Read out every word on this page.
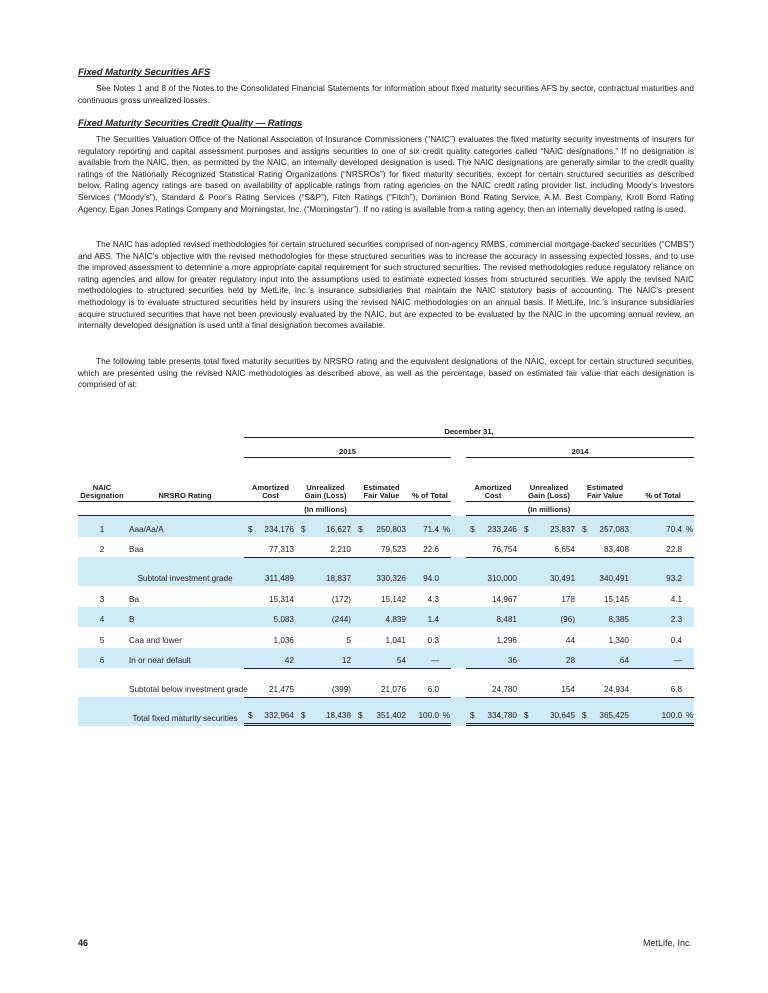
Fixed Maturity Securities AFS

See Notes 1 and 8 of the Notes to the Consolidated Financial Statements for information about fixed maturity securities AFS by sector, contractual maturities and continuous gross unrealized losses.

Fixed Maturity Securities Credit Quality — Ratings

The Securities Valuation Office of the National Association of Insurance Commissioners (“NAIC”) evaluates the fixed maturity security investments of insurers for regulatory reporting and capital assessment purposes and assigns securities to one of six credit quality categories called “NAIC designations.” If no designation is available from the NAIC, then, as permitted by the NAIC, an internally developed designation is used. The NAIC designations are generally similar to the credit quality ratings of the Nationally Recognized Statistical Rating Organizations (“NRSROs”) for fixed maturity securities, except for certain structured securities as described below. Rating agency ratings are based on availability of applicable ratings from rating agencies on the NAIC credit rating provider list, including Moody’s Investors Services (“Moody’s”), Standard & Poor’s Rating Services (“S&P”), Fitch Ratings (“Fitch”), Dominion Bond Rating Service, A.M. Best Company, Kroll Bond Rating Agency, Egan Jones Ratings Company and Morningstar, Inc. (“Morningstar”). If no rating is available from a rating agency, then an internally developed rating is used.

The NAIC has adopted revised methodologies for certain structured securities comprised of non-agency RMBS, commercial mortgage-backed securities (“CMBS”) and ABS. The NAIC’s objective with the revised methodologies for these structured securities was to increase the accuracy in assessing expected losses, and to use the improved assessment to determine a more appropriate capital requirement for such structured securities. The revised methodologies reduce regulatory reliance on rating agencies and allow for greater regulatory input into the assumptions used to estimate expected losses from structured securities. We apply the revised NAIC methodologies to structured securities held by MetLife, Inc.’s insurance subsidiaries that maintain the NAIC statutory basis of accounting. The NAIC’s present methodology is to evaluate structured securities held by insurers using the revised NAIC methodologies on an annual basis. If MetLife, Inc.’s insurance subsidiaries acquire structured securities that have not been previously evaluated by the NAIC, but are expected to be evaluated by the NAIC in the upcoming annual review, an internally developed designation is used until a final designation becomes available.

The following table presents total fixed maturity securities by NRSRO rating and the equivalent designations of the NAIC, except for certain structured securities, which are presented using the revised NAIC methodologies as described above, as well as the percentage, based on estimated fair value that each designation is comprised of at:

		December 31,								
		2015					2014			
NAIC Designation	NRSRO Rating	Amortized Cost	Unrealized Gain (Loss)	Estimated Fair Value	% of Total		Amortized Cost	Unrealized Gain (Loss)	Estimated Fair Value	% of Total
			(In millions)					(In millions)		
1	Aaa/Aa/A	$ 234,176	$ 16,627	$ 250,803	71.4 %		$ 233,246	$ 23,837	$ 257,083	70.4 %

2	Baa	77,313	2,210	79,523	22.6		76,754	6,654	83,408	22.8
	Subtotal investment grade	311,489	18,837	330,326	94.0		310,000	30,491	340,491	93.2
3	Ba	15,314	(172)	15,142	4.3		14,967	178	15,145	4.1
4	B	5,083	(244)	4,839	1.4		8,481	(96)	8,385	2.3
5	Caa and lower	1,036	5	1,041	0.3		1,296	44	1,340	0.4
6	In or near default	42	12	54	—		36	28	64	—
	Subtotal below investment grade	21,475	(399)	21,076	6.0		24,780	154	24,934	6.8
	Total fixed maturity securities	$ 332,964	$ 18,438	$ 351,402	100.0 %		$ 334,780	$ 30,645	$ 365,425	100.0 %
46	MetLife, Inc.
